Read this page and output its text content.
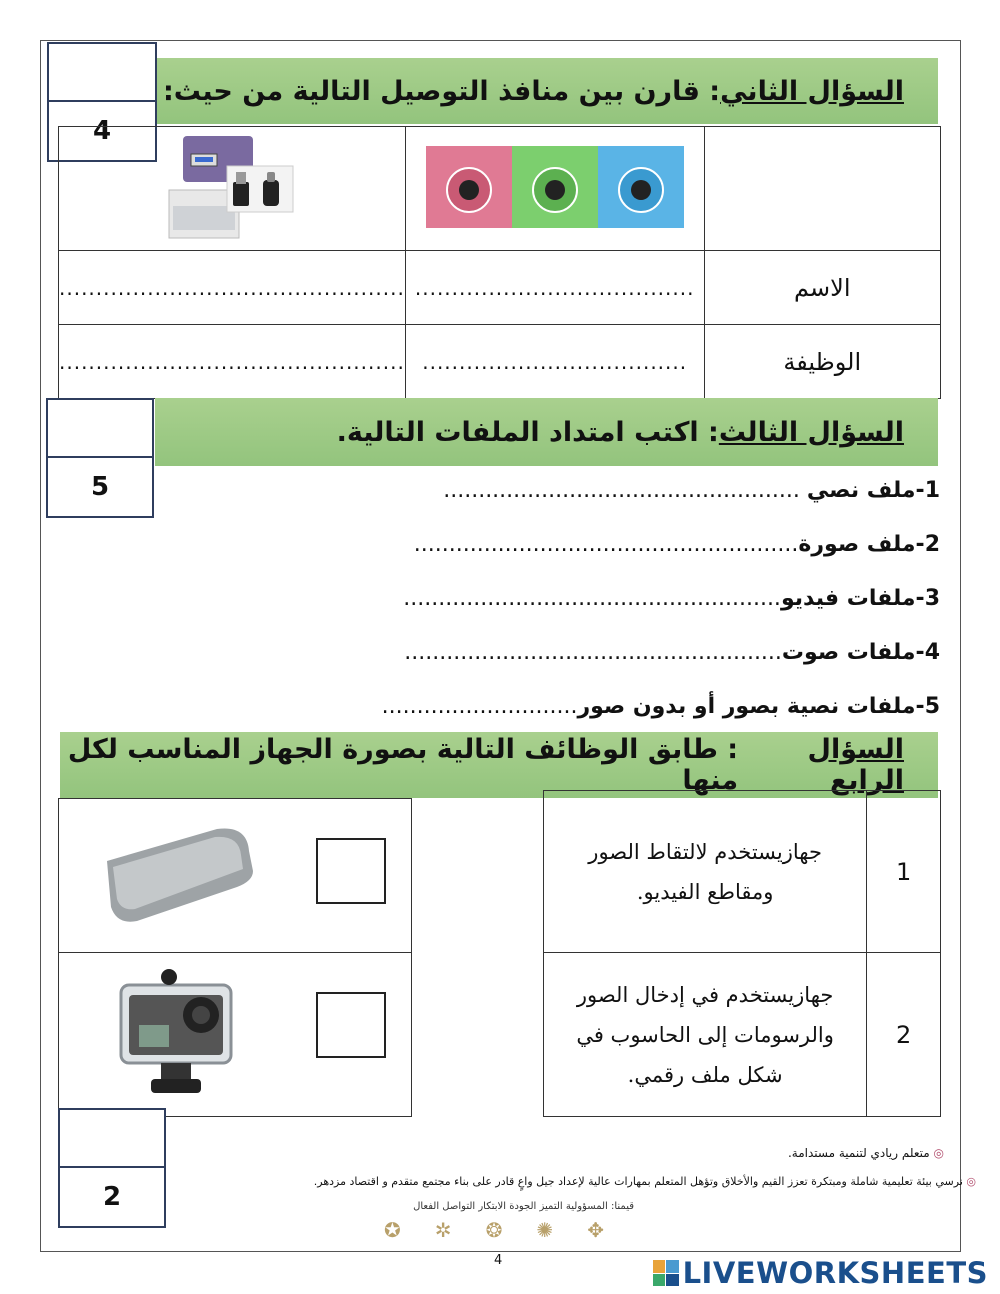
السؤال الثاني
: قارن بين منافذ التوصيل التالية من حيث:
4

...............................................	......................................	الاسم
...............................................	....................................	الوظيفة
السؤال الثالث
: اكتب امتداد الملفات التالية.
5	1-ملف نصي ...................................................
2-ملف صورة.......................................................
3-ملفات فيديو......................................................
4-ملفات صوت......................................................
5-ملفات نصية بصور أو بدون صور............................
السؤال الرابع
: طابق الوظائف التالية بصورة الجهاز المناسب لكل منها

جهازيستخدم لالتقاط الصور ومقاطع الفيديو.	1
جهازيستخدم في إدخال الصور والرسومات إلى الحاسوب في شكل ملف رقمي.	2
2
◎ متعلم ريادي لتنمية مستدامة.
◎ نرسي بيئة تعليمية شاملة ومبتكرة تعزز القيم والأخلاق وتؤهل المتعلم بمهارات عالية لإعداد جيل واعٍ قادر على بناء مجتمع متقدم و اقتصاد مزدهر.
قيمنا: المسؤولية التميز الجودة الابتكار التواصل الفعال
✪ ✲ ❂ ✺ ✥
4	LIVEWORKSHEETS
